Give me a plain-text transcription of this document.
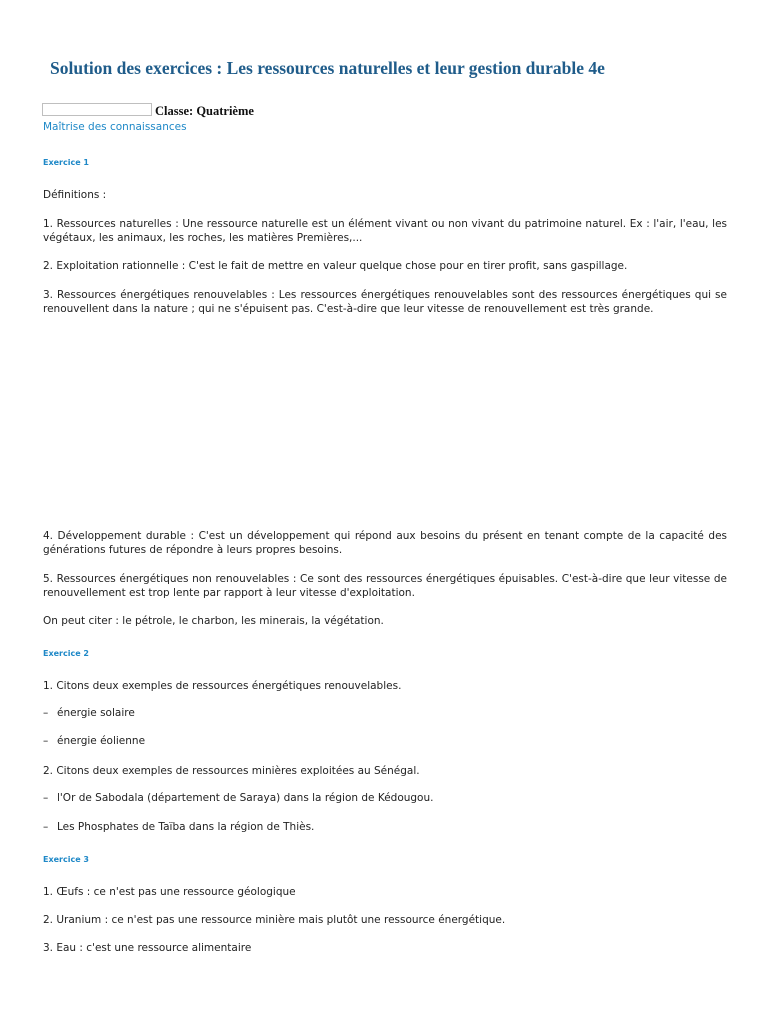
Solution des exercices : Les ressources naturelles et leur gestion durable 4e
Classe: Quatrième
Maîtrise des connaissances
Exercice 1

Définitions :

1. Ressources naturelles : Une ressource naturelle est un élément vivant ou non vivant du patrimoine naturel. Ex : l'air, l'eau, les végétaux, les animaux, les roches, les matières Premières,...

2. Exploitation rationnelle : C'est le fait de mettre en valeur quelque chose pour en tirer profit, sans gaspillage.

3. Ressources énergétiques renouvelables : Les ressources énergétiques renouvelables sont des ressources énergétiques qui se renouvellent dans la nature ; qui ne s'épuisent pas. C'est-à-dire que leur vitesse de renouvellement est très grande.

4. Développement durable : C'est un développement qui répond aux besoins du présent en tenant compte de la capacité des générations futures de répondre à leurs propres besoins.

5. Ressources énergétiques non renouvelables : Ce sont des ressources énergétiques épuisables. C'est-à-dire que leur vitesse de renouvellement est trop lente par rapport à leur vitesse d'exploitation.

On peut citer : le pétrole, le charbon, les minerais, la végétation.

Exercice 2

1. Citons deux exemples de ressources énergétiques renouvelables.

– énergie solaire
– énergie éolienne

2. Citons deux exemples de ressources minières exploitées au Sénégal.

– l'Or de Sabodala (département de Saraya) dans la région de Kédougou.
– Les Phosphates de Taïba dans la région de Thiès.
Exercice 3

1. Œufs : ce n'est pas une ressource géologique

2. Uranium : ce n'est pas une ressource minière mais plutôt une ressource énergétique.

3. Eau : c'est une ressource alimentaire
